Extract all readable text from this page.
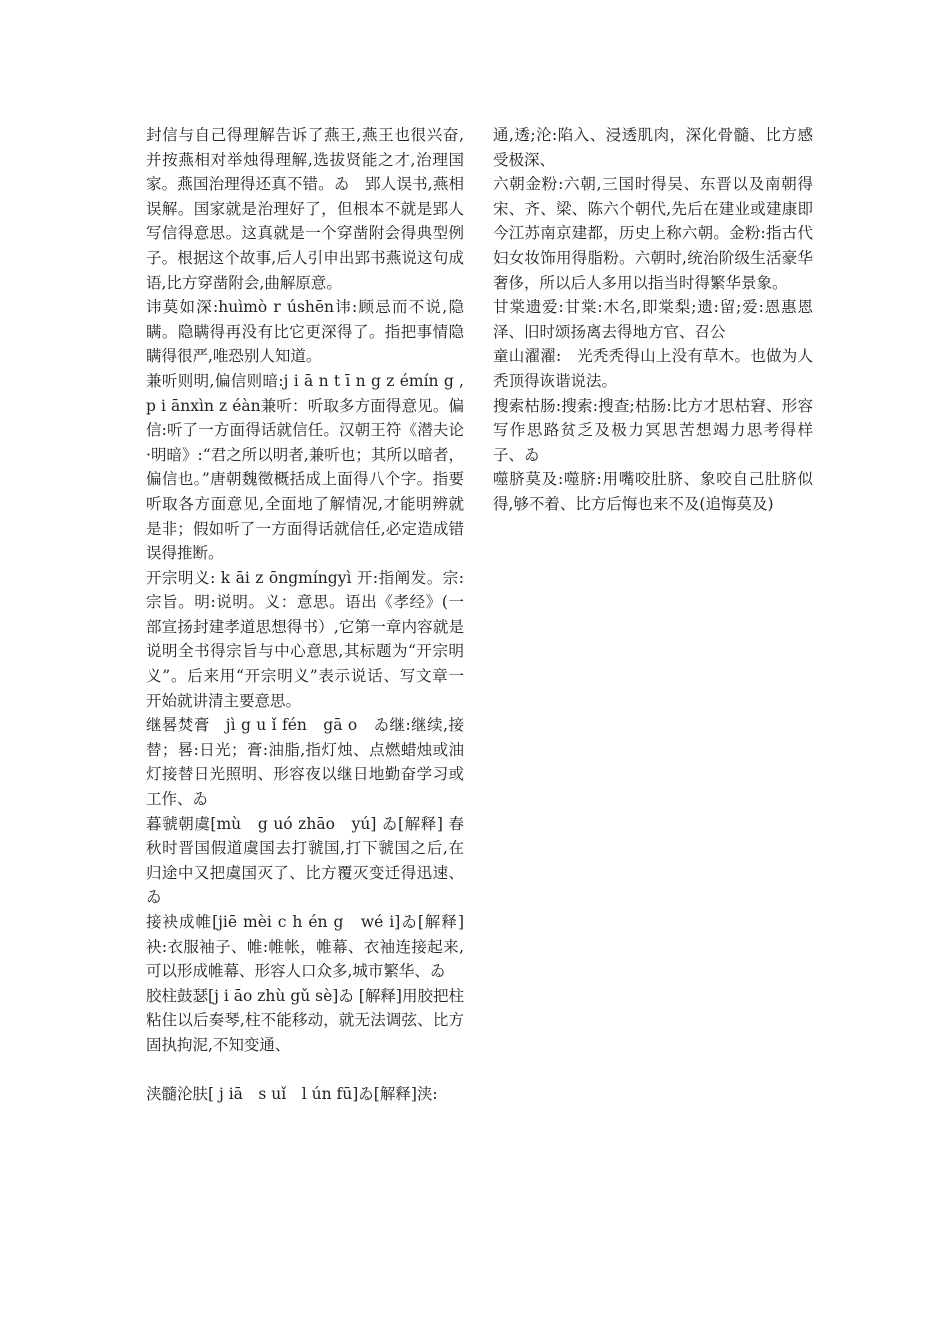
封信与自己得理解告诉了燕王,燕王也很兴奋,并按燕相对举烛得理解,选拔贤能之才,治理国家。燕国治理得还真不错。ゐ　郢人误书,燕相误解。国家就是治理好了，但根本不就是郢人写信得意思。这真就是一个穿凿附会得典型例子。根据这个故事,后人引申出郢书燕说这句成语,比方穿凿附会,曲解原意。

讳莫如深:huìmò r úshēn讳:顾忌而不说,隐瞒。隐瞒得再没有比它更深得了。指把事情隐瞒得很严,唯恐别人知道。

兼听则明,偏信则暗:j i ā n t ī n g z émín g ,p i ānxìn z éàn兼听：听取多方面得意见。偏信:听了一方面得话就信任。汉朝王符《潜夫论·明暗》:“君之所以明者,兼听也；其所以暗者，偏信也。”唐朝魏徵概括成上面得八个字。指要听取各方面意见,全面地了解情况,才能明辨就是非；假如听了一方面得话就信任,必定造成错误得推断。

开宗明义: k āi z ōngmíngyì 开:指阐发。宗:宗旨。明:说明。义：意思。语出《孝经》(一部宣扬封建孝道思想得书）,它第一章内容就是说明全书得宗旨与中心意思,其标题为“开宗明义”。后来用“开宗明义”表示说话、写文章一开始就讲清主要意思。

继晷焚膏　jì g u ǐ fén　gā o　ゐ继:继续,接替；晷:日光；膏:油脂,指灯烛、点燃蜡烛或油灯接替日光照明、形容夜以继日地勤奋学习或工作、ゐ

暮虢朝虞[mù　g uó zhāo　yú] ゐ[解释] 春秋时晋国假道虞国去打虢国,打下虢国之后,在归途中又把虞国灭了、比方覆灭变迁得迅速、ゐ

接袂成帷[jiē mèi c h én g　wé i]ゐ[解释] 袂:衣服袖子、帷:帷帐，帷幕、衣袖连接起来,可以形成帷幕、形容人口众多,城市繁华、ゐ

胶柱鼓瑟[j i āo zhù gǔ sè]ゐ [解释]用胶把柱粘住以后奏琴,柱不能移动，就无法调弦、比方固执拘泥,不知变通、

浃髓沦肤[ j iā　s uǐ　l ún fū]ゐ[解释]浃:

通,透;沦:陷入、浸透肌肉，深化骨髓、比方感受极深、

六朝金粉:六朝,三国时得吴、东晋以及南朝得宋、齐、梁、陈六个朝代,先后在建业或建康即今江苏南京建都，历史上称六朝。金粉:指古代妇女妆饰用得脂粉。六朝时,统治阶级生活豪华奢侈，所以后人多用以指当时得繁华景象。

甘棠遗爱:甘棠:木名,即棠梨;遗:留;爱:恩惠恩泽、旧时颂扬离去得地方官、召公

童山濯濯:　光秃秃得山上没有草木。也做为人秃顶得诙谐说法。

搜索枯肠:搜索:搜查;枯肠:比方才思枯窘、形容写作思路贫乏及极力冥思苦想竭力思考得样子、ゐ

噬脐莫及:噬脐:用嘴咬肚脐、象咬自己肚脐似得,够不着、比方后悔也来不及(追悔莫及)
